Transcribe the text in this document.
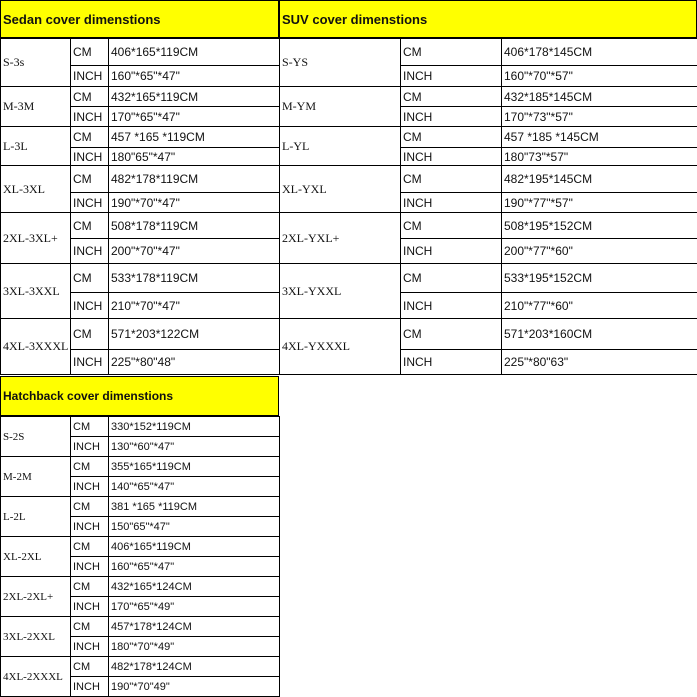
Sedan cover dimenstions
S-3s	CM	406*165*119CM
	INCH	160"*65"*47"
M-3M	CM	432*165*119CM
	INCH	170"*65"*47"
L-3L	CM	457 *165 *119CM
	INCH	180"65"*47"
XL-3XL	CM	482*178*119CM
	INCH	190"*70"*47"
2XL-3XL+	CM	508*178*119CM
	INCH	200"*70"*47"
3XL-3XXL	CM	533*178*119CM
	INCH	210"*70"*47"
4XL-3XXXL	CM	571*203*122CM
	INCH	225"*80"48"
SUV cover dimenstions
S-YS	CM	406*178*145CM
	INCH	160"*70"*57"
M-YM	CM	432*185*145CM
	INCH	170"*73"*57"
L-YL	CM	457 *185 *145CM
	INCH	180"73"*57"
XL-YXL	CM	482*195*145CM
	INCH	190"*77"*57"
2XL-YXL+	CM	508*195*152CM
	INCH	200"*77"*60"
3XL-YXXL	CM	533*195*152CM
	INCH	210"*77"*60"
4XL-YXXXL	CM	571*203*160CM
	INCH	225"*80"63"
Hatchback cover dimenstions
S-2S	CM	330*152*119CM
	INCH	130"*60"*47"
M-2M	CM	355*165*119CM
	INCH	140"*65"*47"
L-2L	CM	381 *165 *119CM
	INCH	150"65"*47"
XL-2XL	CM	406*165*119CM
	INCH	160"*65"*47"
2XL-2XL+	CM	432*165*124CM
	INCH	170"*65"*49"
3XL-2XXL	CM	457*178*124CM
	INCH	180"*70"*49"
4XL-2XXXL	CM	482*178*124CM
	INCH	190"*70"49"
